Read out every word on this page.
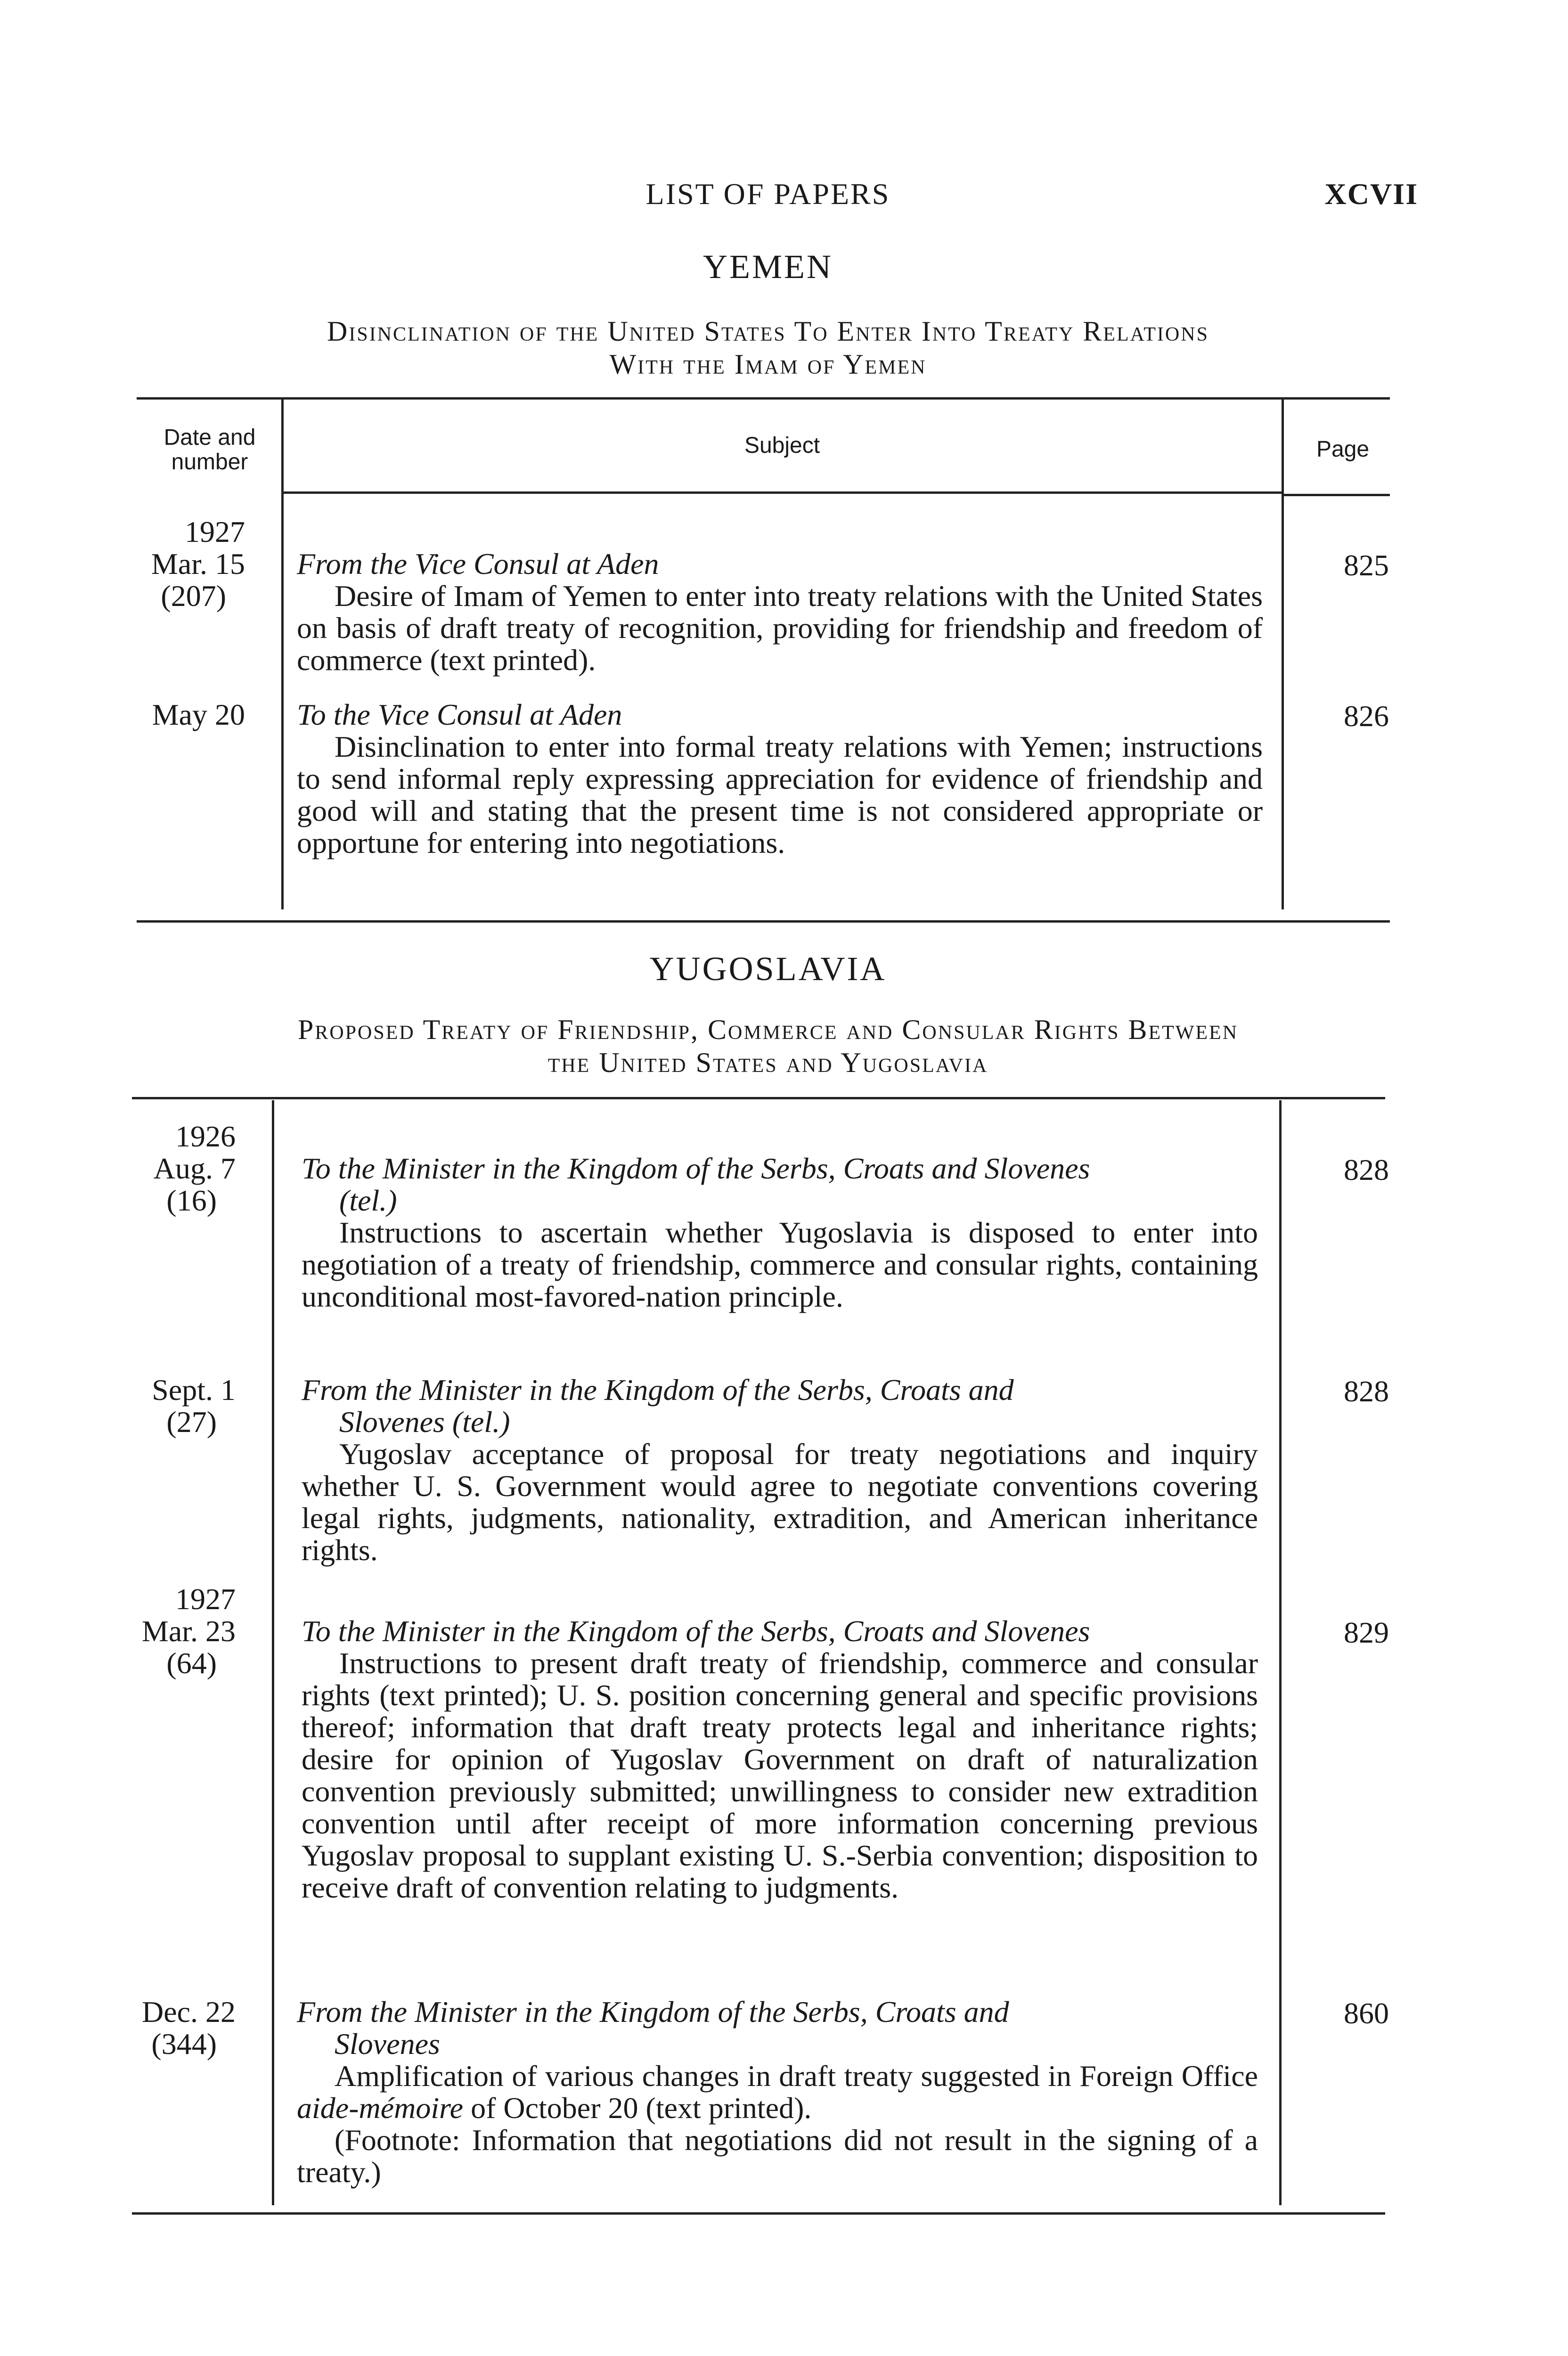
LIST OF PAPERS	XCVII
YEMEN
Disinclination of the United States To Enter Into Treaty Relations
With the Imam of Yemen
Date and number
Subject	Page
1927
Mar. 15

(207)
From the Vice Consul at Aden
Desire of Imam of Yemen to enter into treaty relations with the United States on basis of draft treaty of recognition, providing for friendship and freedom of commerce (text printed).
825
May 20 To the Vice Consul at Aden
Disinclination to enter into formal treaty relations with Yemen; instructions to send informal reply expressing appreciation for evidence of friendship and good will and stating that the present time is not considered appropriate or opportune for entering into negotiations.
826
YUGOSLAVIA
Proposed Treaty of Friendship, Commerce and Consular Rights Between
the United States and Yugoslavia
1926
Aug. 7

(16)
To the Minister in the Kingdom of the Serbs, Croats and Slovenes
(tel.)
Instructions to ascertain whether Yugoslavia is disposed to enter into negotiation of a treaty of friendship, commerce and consular rights, containing unconditional most-favored-nation principle.
828
Sept. 1

(27)
From the Minister in the Kingdom of the Serbs, Croats and
Slovenes (tel.)
Yugoslav acceptance of proposal for treaty negotiations and inquiry whether U. S. Government would agree to negotiate conventions covering legal rights, judgments, nationality, extradition, and American inheritance rights.
828
1927
Mar. 23

(64)
To the Minister in the Kingdom of the Serbs, Croats and Slovenes
Instructions to present draft treaty of friendship, commerce and consular rights (text printed); U. S. position concerning general and specific provisions thereof; information that draft treaty protects legal and inheritance rights; desire for opinion of Yugoslav Government on draft of naturalization convention previously submitted; unwillingness to consider new extradition convention until after receipt of more information concerning previous Yugoslav proposal to supplant existing U. S.-Serbia convention; disposition to receive draft of convention relating to judgments.
829
Dec. 22

(344)
From the Minister in the Kingdom of the Serbs, Croats and
Slovenes
Amplification of various changes in draft treaty suggested in Foreign Office aide-mémoire of October 20 (text printed).
(Footnote: Information that negotiations did not result in the signing of a treaty.)
860
